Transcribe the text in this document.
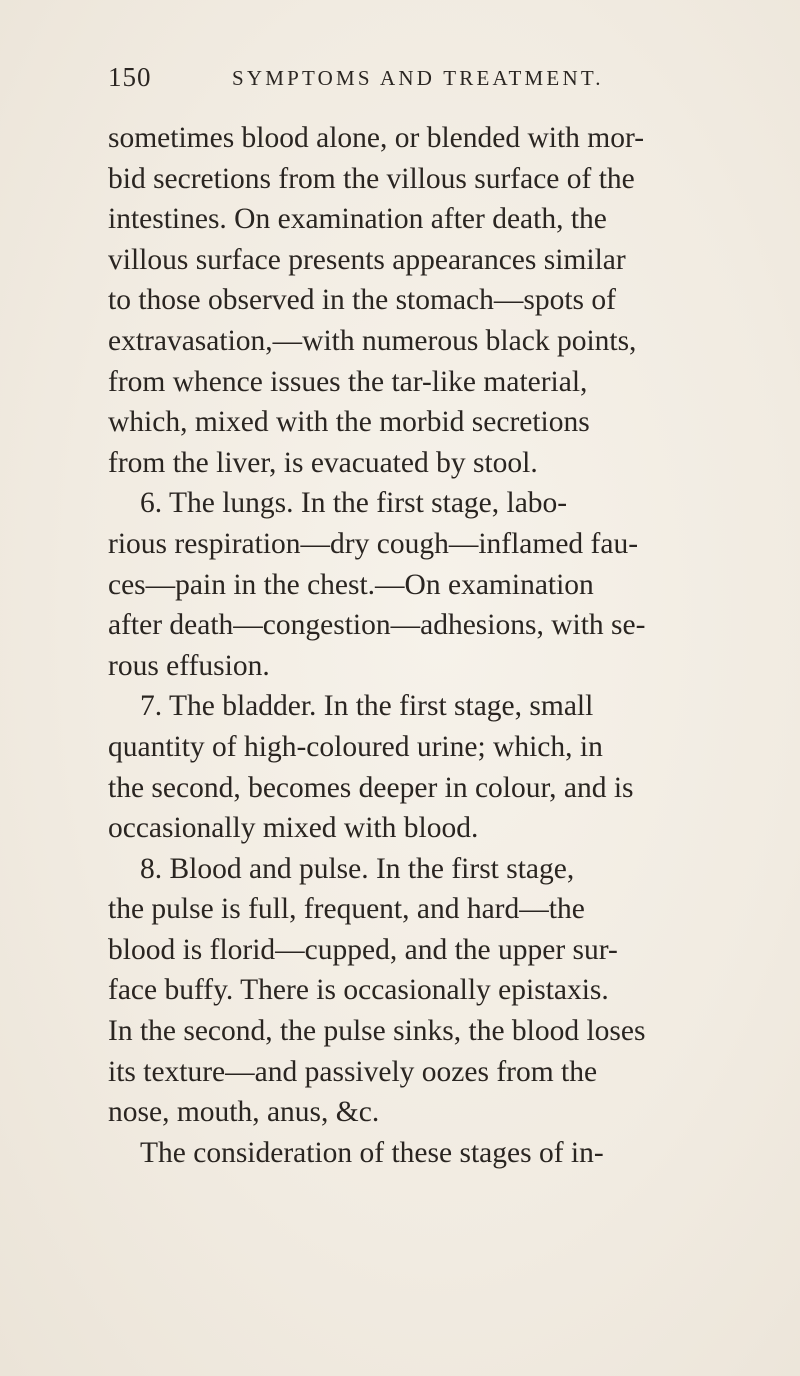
150	SYMPTOMS AND TREATMENT.
sometimes blood alone, or blended with mor-
bid secretions from the villous surface of the
intestines. On examination after death, the
villous surface presents appearances similar
to those observed in the stomach—spots of
extravasation,—with numerous black points,
from whence issues the tar-like material,
which, mixed with the morbid secretions
from the liver, is evacuated by stool.
6. The lungs. In the first stage, labo-
rious respiration—dry cough—inflamed fau-
ces—pain in the chest.—On examination
after death—congestion—adhesions, with se-
rous effusion.
7. The bladder. In the first stage, small
quantity of high-coloured urine; which, in
the second, becomes deeper in colour, and is
occasionally mixed with blood.
8. Blood and pulse. In the first stage,
the pulse is full, frequent, and hard—the
blood is florid—cupped, and the upper sur-
face buffy. There is occasionally epistaxis.
In the second, the pulse sinks, the blood loses
its texture—and passively oozes from the
nose, mouth, anus, &c.
The consideration of these stages of in-
